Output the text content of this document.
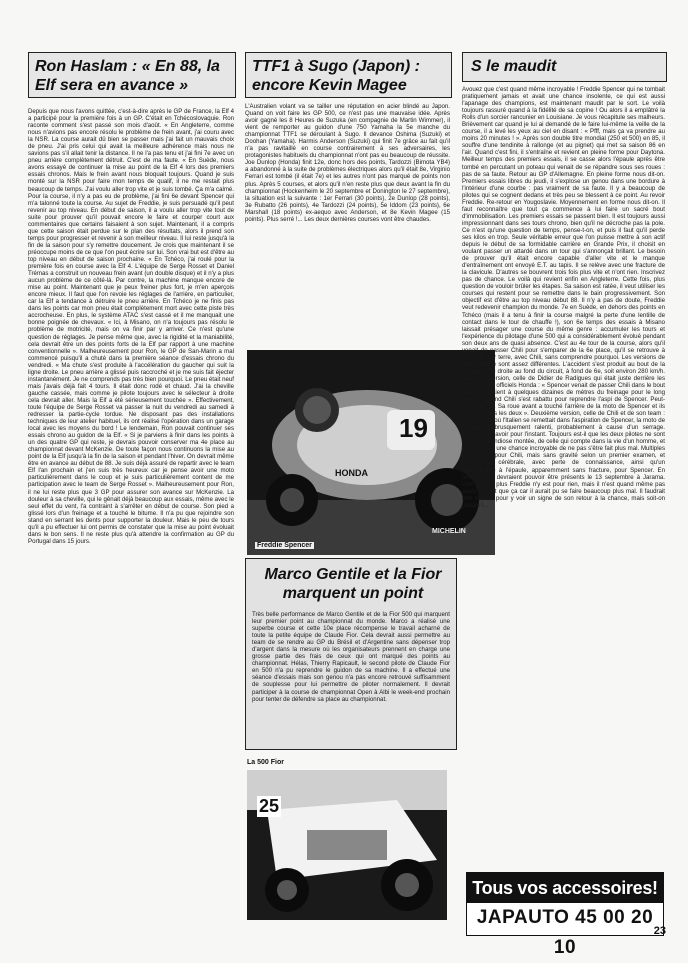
Ron Haslam : « En 88, la Elf sera en avance »
Depuis que nous l'avons quittée, c'est-à-dire après le GP de France, la Elf 4 a participé pour la première fois à un GP. C'était en Tchécoslovaquie. Ron raconte comment s'est passé son mois d'août. « En Angleterre, comme nous n'avions pas encore résolu le problème de frein avant, j'ai couru avec la NSR. La course aurait dû bien se passer mais j'ai fait un mauvais choix de pneu. J'ai pris celui qui avait la meilleure adhérence mais nous ne savions pas s'il allait tenir la distance. Il ne l'a pas tenu et j'ai fini 7e avec un pneu arrière complètement détruit. C'est de ma faute. « En Suède, nous avons essayé de continuer la mise au point de la Elf 4 lors des premiers essais chronos. Mais le frein avant nous bloquait toujours. Quand je suis monté sur la NSR pour faire mon temps de qualif, il ne me restait plus beaucoup de temps. J'ai voulu aller trop vite et je suis tombé. Ça m'a calmé. Pour la course, il n'y a pas eu de problème, j'ai fini 6e devant Spencer qui m'a talonné toute la course. Au sujet de Freddie, je suis persuadé qu'il peut revenir au top niveau. En début de saison, il a voulu aller trop vite tout de suite pour prouver qu'il pouvait encore le faire et courper court aux commentaires que certains faisaient à son sujet. Maintenant, il a compris que cette saison était perdue sur le plan des résultats, alors il prend son temps pour progresser et revenir à son meilleur niveau. Il lui reste jusqu'à la fin de la saison pour s'y remettre doucement. Je crois que maintenant il se préoccupe moins de ce que l'on peut écrire sur lui. Son vrai but est d'être au top niveau en début de saison prochaine. « En Tchéco, j'ai roulé pour la première fois en course avec la Elf 4. L'équipe de Serge Rosset et Daniel Trémas a construit un nouveau frein avant (un double disque) et il n'y a plus aucun problème de ce côté-là. Par contre, la machine manque encore de mise au point. Maintenant que je peux freiner plus fort, je m'en aperçois encore mieux. Il faut que l'on revoie les réglages de l'arrière, en particulier, car la Elf a tendance à détruire le pneu arrière. En Tchéco je ne finis pas dans les points car mon pneu était complètement mort avec cette piste très accrocheuse. En plus, le système ATAC s'est cassé et il me manquait une bonne poignée de chevaux. « Ici, à Misano, on n'a toujours pas résolu le problème de motricité, mais on va finir par y arriver. Ce n'est qu'une question de réglages. Je pense même que, avec la rigidité et la maniabilité, cela devrait être un des points forts de la Elf par rapport à une machine conventionnelle ». Malheureusement pour Ron, le GP de San-Marin a mal commencé puisqu'il a chuté dans la première séance d'essais chrono du vendredi. « Ma chute s'est produite à l'accélération du gaucher qui suit la ligne droite. Le pneu arrière a glissé puis raccroché et je me suis fait éjecter instantanément. Je ne comprends pas très bien pourquoi. Le pneu était neuf mais j'avais déjà fait 4 tours. Il était donc rodé et chaud. J'ai la cheville gauche cassée, mais comme je pilote toujours avec le sélecteur à droite cela devrait aller. Mais la Elf a été sérieusement touchée ». Effectivement, toute l'équipe de Serge Rosset va passer la nuit du vendredi au samedi à redresser la partie-cycle tordue. Ne disposant pas des installations techniques de leur atelier habituel, ils ont réalisé l'opération dans un garage local avec les moyens du bord ! Le lendemain, Ron pouvait continuer ses essais chrono au guidon de la Elf. « Si je parviens à finir dans les points à un des quatre GP qui reste, je devrais pouvoir conserver ma 4e place au championnat devant McKenzie. De toute façon nous continuons la mise au point de la Elf jusqu'à la fin de la saison et pendant l'hiver. On devrait même être en avance au début de 88. Je suis déjà assuré de repartir avec le team Elf l'an prochain et j'en suis très heureux car je pense avoir une moto particulièrement dans le coup et je suis particulièrement content de me participation avec le team de Serge Rosset ». Malheureusement pour Ron, il ne lui reste plus que 3 GP pour assurer son avance sur McKenzie. La douleur à sa cheville, qui le gênait déjà beaucoup aux essais, même avec le seul effet du vent, l'a contraint à s'arrêter en début de course. Son pied a glissé lors d'un freinage et a touché le bitume. Il n'a pu que rejoindre son stand en serrant les dents pour supporter la douleur. Mais le peu de tours qu'il a pu effectuer lui ont permis de constater que la mise au point évoluait dans le bon sens. Il ne reste plus qu'à attendre la confirmation au GP du Portugal dans 15 jours.
TTF1 à Sugo (Japon) : encore Kevin Magee
L'Australien volant va se tailler une réputation en acier blindé au Japon. Quand on voit faire les GP 500, ce n'est pas une mauvaise idée. Après avoir gagné les 8 Heures de Suzuka (en compagnie de Martin Wimmer), il vient de remporter au guidon d'une 750 Yamaha la 5e manche du championnat TTF1 se déroulant à Sugo. Il devance Oshima (Suzuki) et Doohan (Yamaha). Harmis Anderson (Suzuki) qui finit 7e grâce au fait qu'il n'a pas ravitaillé en course contrairement à ses adversaires, les protagonistes habituels du championnat n'ont pas eu beaucoup de réussite. Joe Dunlop (Honda) finit 12e, donc hors des points, Tardozzi (Bimota YB4) a abandonné à la suite de problèmes électriques alors qu'il était 8e, Virginio Ferrari est tombé (il était 7e) et les autres n'ont pas marqué de points non plus. Après 5 courses, et alors qu'il n'en reste plus que deux avant la fin du championnat (Hockenheim le 20 septembre et Donington le 27 septembre), la situation est la suivante : 1er Ferrari (30 points), 2e Dunlop (28 points), 3e Rubatto (26 points), 4e Tardozzi (24 points), 5e Iddom (23 points), 6e Marshall (18 points) ex-aequo avec Anderson, et 8e Kevin Magee (15 points). Plus serré !... Les deux dernières courses vont être chaudes.
19
HONDA
MICHELIN
Freddie Spencer
S le maudit
Avouez que c'est quand même incroyable ! Freddie Spencer qui ne tombait pratiquement jamais et avait une chance insolente, ce qui est aussi l'apanage des champions, est maintenant maudit par le sort. Le voilà toujours rassuré quand à la fidélité de sa copine ! Ou alors il a emplâtré la Rolls d'un sorcier rancunier en Louisiane. Je vous récapitule ses malheurs. Brièvement car quand je lui ai demandé de le faire lui-même la veille de la course, il a levé les yeux au ciel en disant : « Pfff, mais ça va prendre au moins 20 minutes ! ». Après son double titre mondial (250 et 500) en 85, il souffre d'une tendinite à rallonge (et au pignet) qui met sa saison 86 en l'air. Quand c'est fini, il s'entraîne et revient en pleine forme pour Daytona. Meilleur temps des premiers essais, il se casse alors l'épaule après être tombé en percutant un poteau qui venait de se répandre sous ses roues : pas de sa faute. Retour au GP d'Allemagne. En pleine forme nous dit-on. Premiers essais libres du jeudi, il s'explose un genou dans une bordure à l'intérieur d'une courbe : pas vraiment de sa faute. Il y a beaucoup de pilotes qui se cognent dedans et très peu se blessent à ce point. Au revoir Freddie. Re-retour en Yougoslavie. Moyennement en forme nous dit-on. Il faut reconnaître que tout ça commence à lui faire un sacré bout d'immobilisation. Les premiers essais se passent bien. Il est toujours aussi impressionnant dans ses tours chrono, bien qu'il ne décroche pas la pole. Ce n'est qu'une question de temps, pense-t-on, et puis il faut qu'il perde ses kilos en trop. Seule véritable erreur que l'on puisse mettre à son actif depuis le début de sa formidable carrière en Grande Prix, il choisit en voulant passer un attardé dans un tour qui s'annonçait brillant. Le besoin de prouver qu'il était encore capable d'aller vite et le manque d'entraînement ont envoyé E.T. au tapis. Il se relève avec une fracture de la clavicule. D'autres se bouvrent trois fois plus vite et n'ont rien. Inscrivez pas de chance. Le voilà qui revient enfin en Angleterre. Cette fois, plus question de vouloir brûler les étapes. Sa saison est ratée, il veut utiliser les courses qui restent pour se remettre dans le bain progressivement. Son objectif est d'être au top niveau début 88. Il n'y a pas de doute, Freddie veut redevenir champion du monde. 7e en Suède, en dehors des points en Tchéco (mais il a tenu à finir la course malgré la perte d'une lentille de contact dans le tour de chauffe !), son 6e temps des essais à Misano laissait présager une course du même genre : accumuler les tours et l'expérience du pilotage d'une 500 qui a considérablement évolué pendant son deux ans de quasi absence. C'est au 4e tour de la course, alors qu'il venait de passer Chili pour s'emparer de la 6e place, qu'il se retrouve à nouveau par terre, avec Chili, sans comprendre pourquoi. Les versions de l'accrochage sont assez différentes. L'accident s'est produit au bout de la courbe ligne droite au fond du circuit, à fond de 6e, soit environ 280 km/h. Première version, celle de Didier de Radigues qui était juste derrière les deux pilotes officiels Honda : « Spencer venait de passer Chili dans le bout droit. Ils étaient à quelques dizaines de mètres du freinage pour le long gauche quand Chili s'est rabattu pour reprendre l'aspi de Spencer. Peut-être trop tôt. Sa roue avant a touché l'arrière de la moto de Spencer et ils ont volé tous les deux ». Deuxième version, celle de Chili et de son team : au moment où l'Italien se remettait dans l'aspiration de Spencer, la moto de Freddie a brusquement ralenti, probablement à cause d'un serrage. Difficile de savoir pour l'instant. Toujours est-il que les deux pilotes ne sont pas une grandiose montée, de celle qui compte dans la vie d'un homme, et qu'ils ont eu une chance incroyable de ne pas s'être fait plus mal. Multiples contusions pour Chili, mais sans gravité selon un premier examen, et commotion cérébrale, avec perte de connaissance, ainsi qu'un traumatisme à l'épaule, apparemment sans fracture, pour Spencer. En principe, ils devraient pouvoir être présents le 13 septembre à Jarama. Une fois de plus Freddie n'y est pour rien, mais il n'est quand même pas aussi maudit que ça car il aurait pu se faire beaucoup plus mal. Il faudrait être vicieux pour y voir un signe de son retour à la chance, mais soit-on jamais !...
Marco Gentile et la Fior marquent un point
Très belle performance de Marco Gentile et de la Fior 500 qui marquent leur premier point au championnat du monde. Marco a réalisé une superbe course et cette 10e place récompense le travail acharné de toute la petite équipe de Claude Fior. Cela devrait aussi permettre au team de se rendre au GP du Brésil et d'Argentine sans dépenser trop d'argent dans la mesure où les organisateurs prennent en charge une grosse partie des frais de ceux qui ont marqué des points au championnat. Hélas, Thierry Rapicault, le second pilote de Claude Fior en 500 n'a pu reprendre le guidon de sa machine. Il a effectué une séance d'essais mais son genou n'a pas encore retrouvé suffisamment de souplesse pour lui permettre de piloter normalement. Il devrait participer à la course de championnat Open à Albi le week-end prochain pour tenter de défendre sa place au championnat.
La 500 Fior
25
Tous vos accessoires!
JAPAUTO 45 00 20 10
23
